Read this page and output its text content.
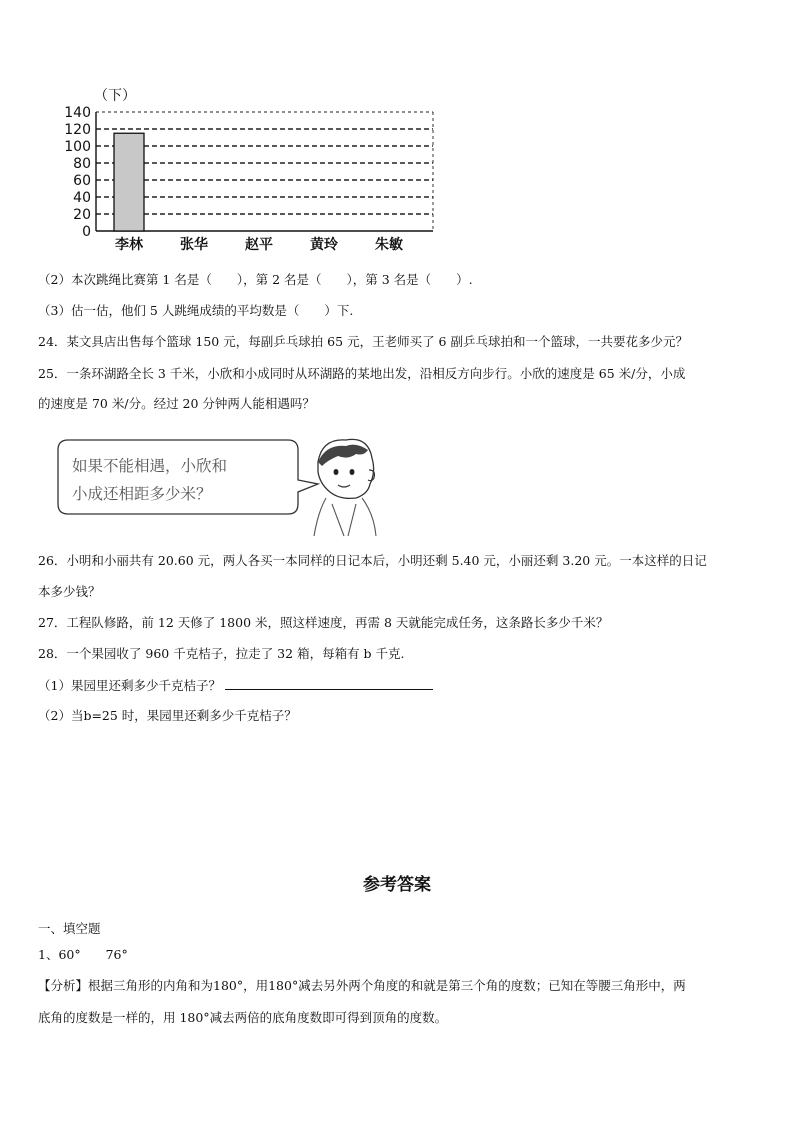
（下）
0
20
40
60
80
100
120
140
李林	张华	赵平	黄玲	朱敏
（2）本次跳绳比赛第 1 名是（　　），第 2 名是（　　），第 3 名是（　　）.
（3）估一估，他们 5 人跳绳成绩的平均数是（　　）下.
24．某文具店出售每个篮球 150 元，每副乒乓球拍 65 元，王老师买了 6 副乒乓球拍和一个篮球，一共要花多少元？
25．一条环湖路全长 3 千米，小欣和小成同时从环湖路的某地出发，沿相反方向步行。小欣的速度是 65 米/分，小成
的速度是 70 米/分。经过 20 分钟两人能相遇吗？
如果不能相遇，小欣和
小成还相距多少米？
26．小明和小丽共有 20.60 元，两人各买一本同样的日记本后，小明还剩 5.40 元，小丽还剩 3.20 元。一本这样的日记
本多少钱？
27．工程队修路，前 12 天修了 1800 米，照这样速度，再需 8 天就能完成任务，这条路长多少千米？
28．一个果园收了 960 千克桔子，拉走了 32 箱，每箱有 b 千克.
（1）果园里还剩多少千克桔子？
（2）当b=25 时，果园里还剩多少千克桔子？
参考答案
一、填空题
1、60°　　76°
【分析】根据三角形的内角和为180°，用180°减去另外两个角度的和就是第三个角的度数；已知在等腰三角形中，两
底角的度数是一样的，用 180°减去两倍的底角度数即可得到顶角的度数。
